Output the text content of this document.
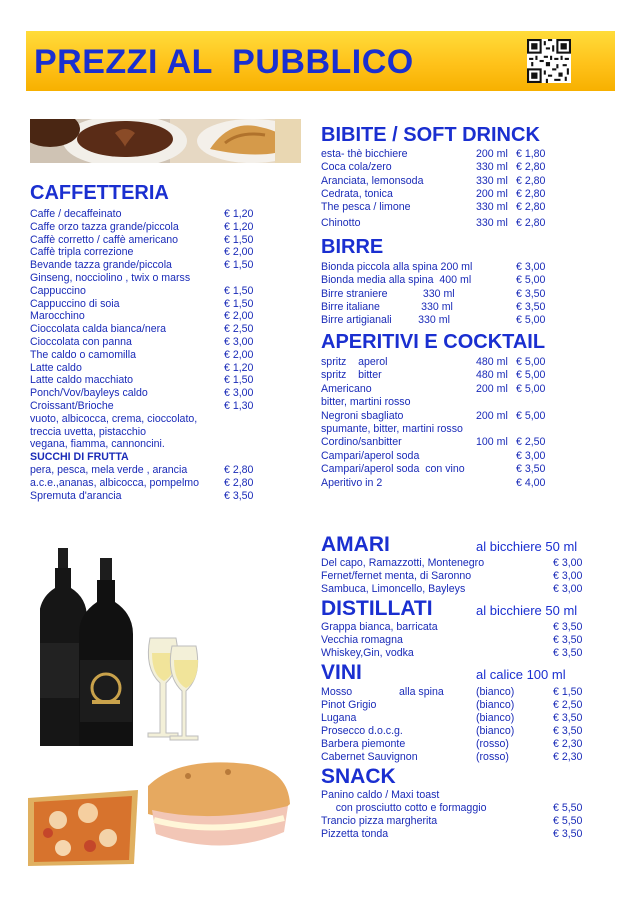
PREZZI AL  PUBBLICO
CAFFETTERIA
Caffe / decaffeinato	€ 1,20
Caffe orzo tazza grande/piccola	€ 1,20
Caffè corretto / caffè americano	€ 1,50
Caffè tripla correzione	€ 2,00
Bevande tazza grande/piccola	€ 1,50
Ginseng, nocciolino , twix o marss
Cappuccino	€ 1,50
Cappuccino di soia	€ 1,50
Marocchino	€ 2,00
Cioccolata calda bianca/nera	€ 2,50
Cioccolata con panna	€ 3,00
The caldo o camomilla	€ 2,00
Latte caldo	€ 1,20
Latte caldo macchiato	€ 1,50
Ponch/Vov/bayleys caldo	€ 3,00
Croissant/Brioche	€ 1,30
vuoto, albicocca, crema, cioccolato,
treccia uvetta, pistacchio
vegana, fiamma, cannoncini.
SUCCHI DI FRUTTA
pera, pesca, mela verde , arancia	€ 2,80
a.c.e.,ananas, albicocca, pompelmo € 2,80
Spremuta d'arancia	€ 3,50
BIBITE / SOFT DRINCK
esta- thè bicchiere	200 ml € 1,80
Coca cola/zero	330 ml € 2,80
Aranciata, lemonsoda	330 ml € 2,80
Cedrata, tonica	200 ml € 2,80
The pesca / limone	330 ml € 2,80
Chinotto	330 ml € 2,80
BIRRE
Bionda piccola alla spina 200 ml	€ 3,00
Bionda media alla spina  400 ml	€ 5,00
Birre straniere            330 ml	€ 3,50
Birre italiane              330 ml	€ 3,50
Birre artigianali         330 ml	€ 5,00
APERITIVI E COCKTAIL
spritz    aperol	480 ml € 5,00
spritz    bitter	480 ml € 5,00
Americano	200 ml € 5,00
bitter, martini rosso
Negroni sbagliato	200 ml € 5,00
spumante, bitter, martini rosso
Cordino/sanbitter	100 ml € 2,50
Campari/aperol soda	€ 3,00
Campari/aperol soda  con vino	€ 3,50
Aperitivo in 2	€ 4,00
AMARI	al bicchiere 50 ml
Del capo, Ramazzotti, Montenegro	€ 3,00
Fernet/fernet menta, di Saronno	€ 3,00
Sambuca, Limoncello, Bayleys	€ 3,00
DISTILLATI	al bicchiere 50 ml
Grappa bianca, barricata	€ 3,50
Vecchia romagna	€ 3,50
Whiskey,Gin, vodka	€ 3,50
VINI	al calice 100 ml
Mosso	alla spina	(bianco)	€ 1,50
Pinot Grigio	(bianco)	€ 2,50
Lugana	(bianco)	€ 3,50
Prosecco d.o.c.g.	(bianco)	€ 3,50
Barbera piemonte	(rosso)	€ 2,30
Cabernet Sauvignon	(rosso)	€ 2,30
SNACK
Panino caldo / Maxi toast
con prosciutto cotto e formaggio	€ 5,50
Trancio pizza margherita	€ 5,50
Pizzetta tonda	€ 3,50
